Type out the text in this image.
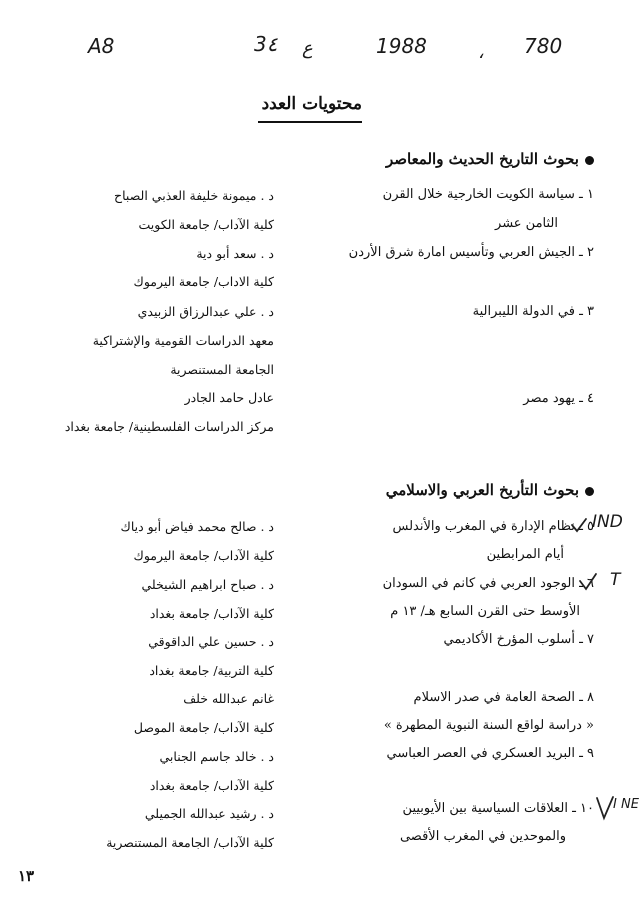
A8	3٤ ع	1988	، 780
محتويات العدد
بحوث التاريخ الحديث والمعاصر
١ ـ سياسة الكويت الخارجية خلال القرن
الثامن عشر
د . ميمونة خليفة العذبي الصباح
كلية الآداب/ جامعة الكويت
٢ ـ الجيش العربي وتأسيس امارة شرق الأردن
د . سعد أبو دية
كلية الاداب/ جامعة اليرموك
٣ ـ في الدولة الليبرالية
د . علي عبدالرزاق الزبيدي
معهد الدراسات القومية والإشتراكية
الجامعة المستنصرية
٤ ـ يهود مصر
عادل حامد الجادر
مركز الدراسات الفلسطينية/ جامعة بغداد
بحوث التأريخ العربي والاسلامي
٥ ـ نظام الإدارة في المغرب والأندلس
أيام المرابطين
د . صالح محمد فياض أبو دياك
كلية الآداب/ جامعة اليرموك
٦ ـ الوجود العربي في كانم في السودان
الأوسط حتى القرن السابع هـ/ ١٣ م
د . صباح ابراهيم الشيخلي
كلية الآداب/ جامعة بغداد
٧ ـ أسلوب المؤرخ الأكاديمي
د . حسين علي الداقوقي
كلية التربية/ جامعة بغداد
٨ ـ الصحة العامة في صدر الاسلام
« دراسة لواقع السنة النبوية المطهرة »
غانم عبدالله خلف
كلية الآداب/ جامعة الموصل
٩ ـ البريد العسكري في العصر العباسي
د . خالد جاسم الجنابي
كلية الآداب/ جامعة بغداد
١٠ ـ العلاقات السياسية بين الأيوبيين
والموحدين في المغرب الأقصى
د . رشيد عبدالله الجميلي
كلية الآداب/ الجامعة المستنصرية
IND
T
I NE
١٣
